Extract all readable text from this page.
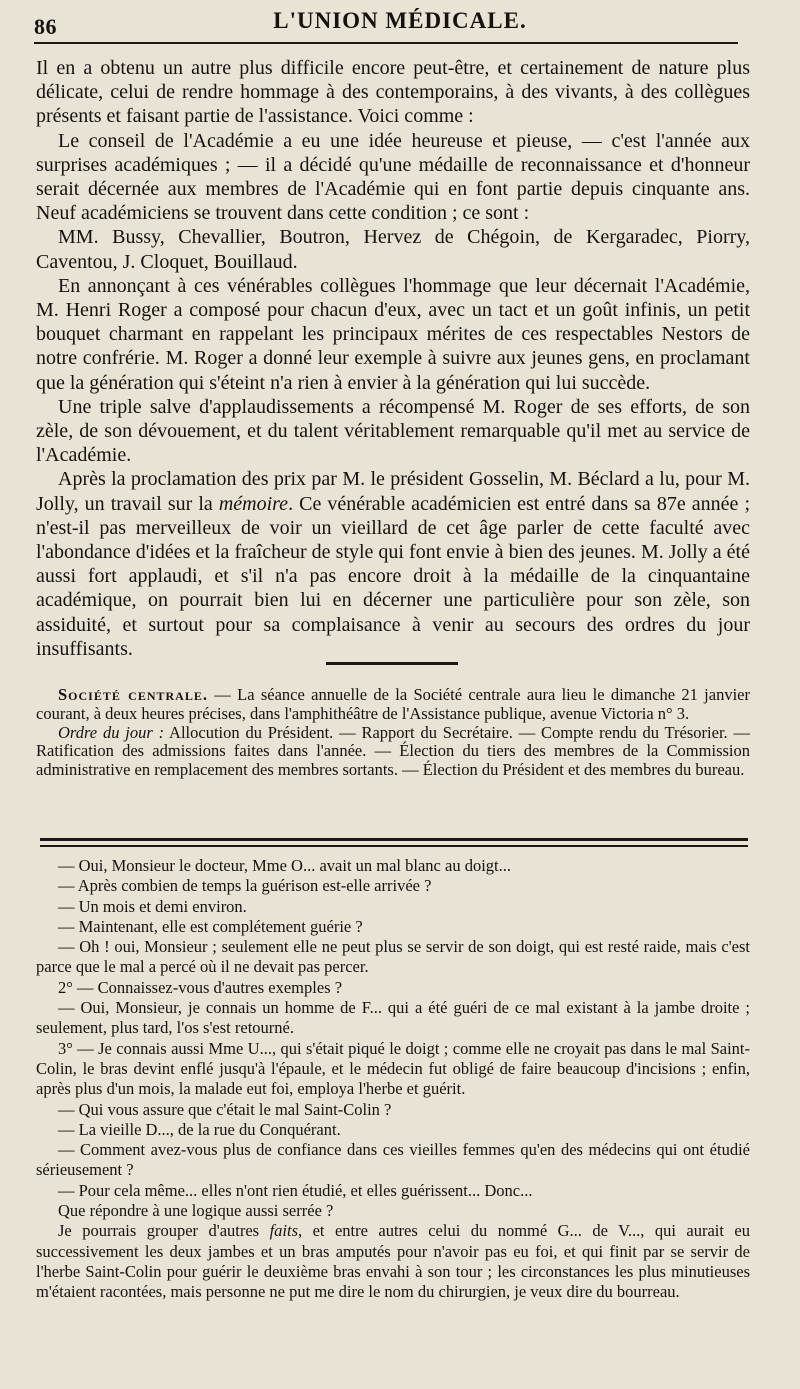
86	L'UNION MÉDICALE.

Il en a obtenu un autre plus difficile encore peut-être, et certainement de nature plus délicate, celui de rendre hommage à des contemporains, à des vivants, à des collègues présents et faisant partie de l'assistance. Voici comme :

Le conseil de l'Académie a eu une idée heureuse et pieuse, — c'est l'année aux surprises académiques ; — il a décidé qu'une médaille de reconnaissance et d'honneur serait décernée aux membres de l'Académie qui en font partie depuis cinquante ans. Neuf académiciens se trouvent dans cette condition ; ce sont :

MM. Bussy, Chevallier, Boutron, Hervez de Chégoin, de Kergaradec, Piorry, Caventou, J. Cloquet, Bouillaud.

En annonçant à ces vénérables collègues l'hommage que leur décernait l'Académie, M. Henri Roger a composé pour chacun d'eux, avec un tact et un goût infinis, un petit bouquet charmant en rappelant les principaux mérites de ces respectables Nestors de notre confrérie. M. Roger a donné leur exemple à suivre aux jeunes gens, en proclamant que la génération qui s'éteint n'a rien à envier à la génération qui lui succède.

Une triple salve d'applaudissements a récompensé M. Roger de ses efforts, de son zèle, de son dévouement, et du talent véritablement remarquable qu'il met au service de l'Académie.

Après la proclamation des prix par M. le président Gosselin, M. Béclard a lu, pour M. Jolly, un travail sur la mémoire. Ce vénérable académicien est entré dans sa 87e année ; n'est-il pas merveilleux de voir un vieillard de cet âge parler de cette faculté avec l'abondance d'idées et la fraîcheur de style qui font envie à bien des jeunes. M. Jolly a été aussi fort applaudi, et s'il n'a pas encore droit à la médaille de la cinquantaine académique, on pourrait bien lui en décerner une particulière pour son zèle, son assiduité, et surtout pour sa complaisance à venir au secours des ordres du jour insuffisants.

Société centrale. — La séance annuelle de la Société centrale aura lieu le dimanche 21 janvier courant, à deux heures précises, dans l'amphithéâtre de l'Assistance publique, avenue Victoria n° 3.

Ordre du jour : Allocution du Président. — Rapport du Secrétaire. — Compte rendu du Trésorier. — Ratification des admissions faites dans l'année. — Élection du tiers des membres de la Commission administrative en remplacement des membres sortants. — Élection du Président et des membres du bureau.

— Oui, Monsieur le docteur, Mme O... avait un mal blanc au doigt...

— Après combien de temps la guérison est-elle arrivée ?

— Un mois et demi environ.

— Maintenant, elle est complétement guérie ?

— Oh ! oui, Monsieur ; seulement elle ne peut plus se servir de son doigt, qui est resté raide, mais c'est parce que le mal a percé où il ne devait pas percer.

2° — Connaissez-vous d'autres exemples ?

— Oui, Monsieur, je connais un homme de F... qui a été guéri de ce mal existant à la jambe droite ; seulement, plus tard, l'os s'est retourné.

3° — Je connais aussi Mme U..., qui s'était piqué le doigt ; comme elle ne croyait pas dans le mal Saint-Colin, le bras devint enflé jusqu'à l'épaule, et le médecin fut obligé de faire beaucoup d'incisions ; enfin, après plus d'un mois, la malade eut foi, employa l'herbe et guérit.

— Qui vous assure que c'était le mal Saint-Colin ?

— La vieille D..., de la rue du Conquérant.

— Comment avez-vous plus de confiance dans ces vieilles femmes qu'en des médecins qui ont étudié sérieusement ?

— Pour cela même... elles n'ont rien étudié, et elles guérissent... Donc...

Que répondre à une logique aussi serrée ?

Je pourrais grouper d'autres faits, et entre autres celui du nommé G... de V..., qui aurait eu successivement les deux jambes et un bras amputés pour n'avoir pas eu foi, et qui finit par se servir de l'herbe Saint-Colin pour guérir le deuxième bras envahi à son tour ; les circonstances les plus minutieuses m'étaient racontées, mais personne ne put me dire le nom du chirurgien, je veux dire du bourreau.
